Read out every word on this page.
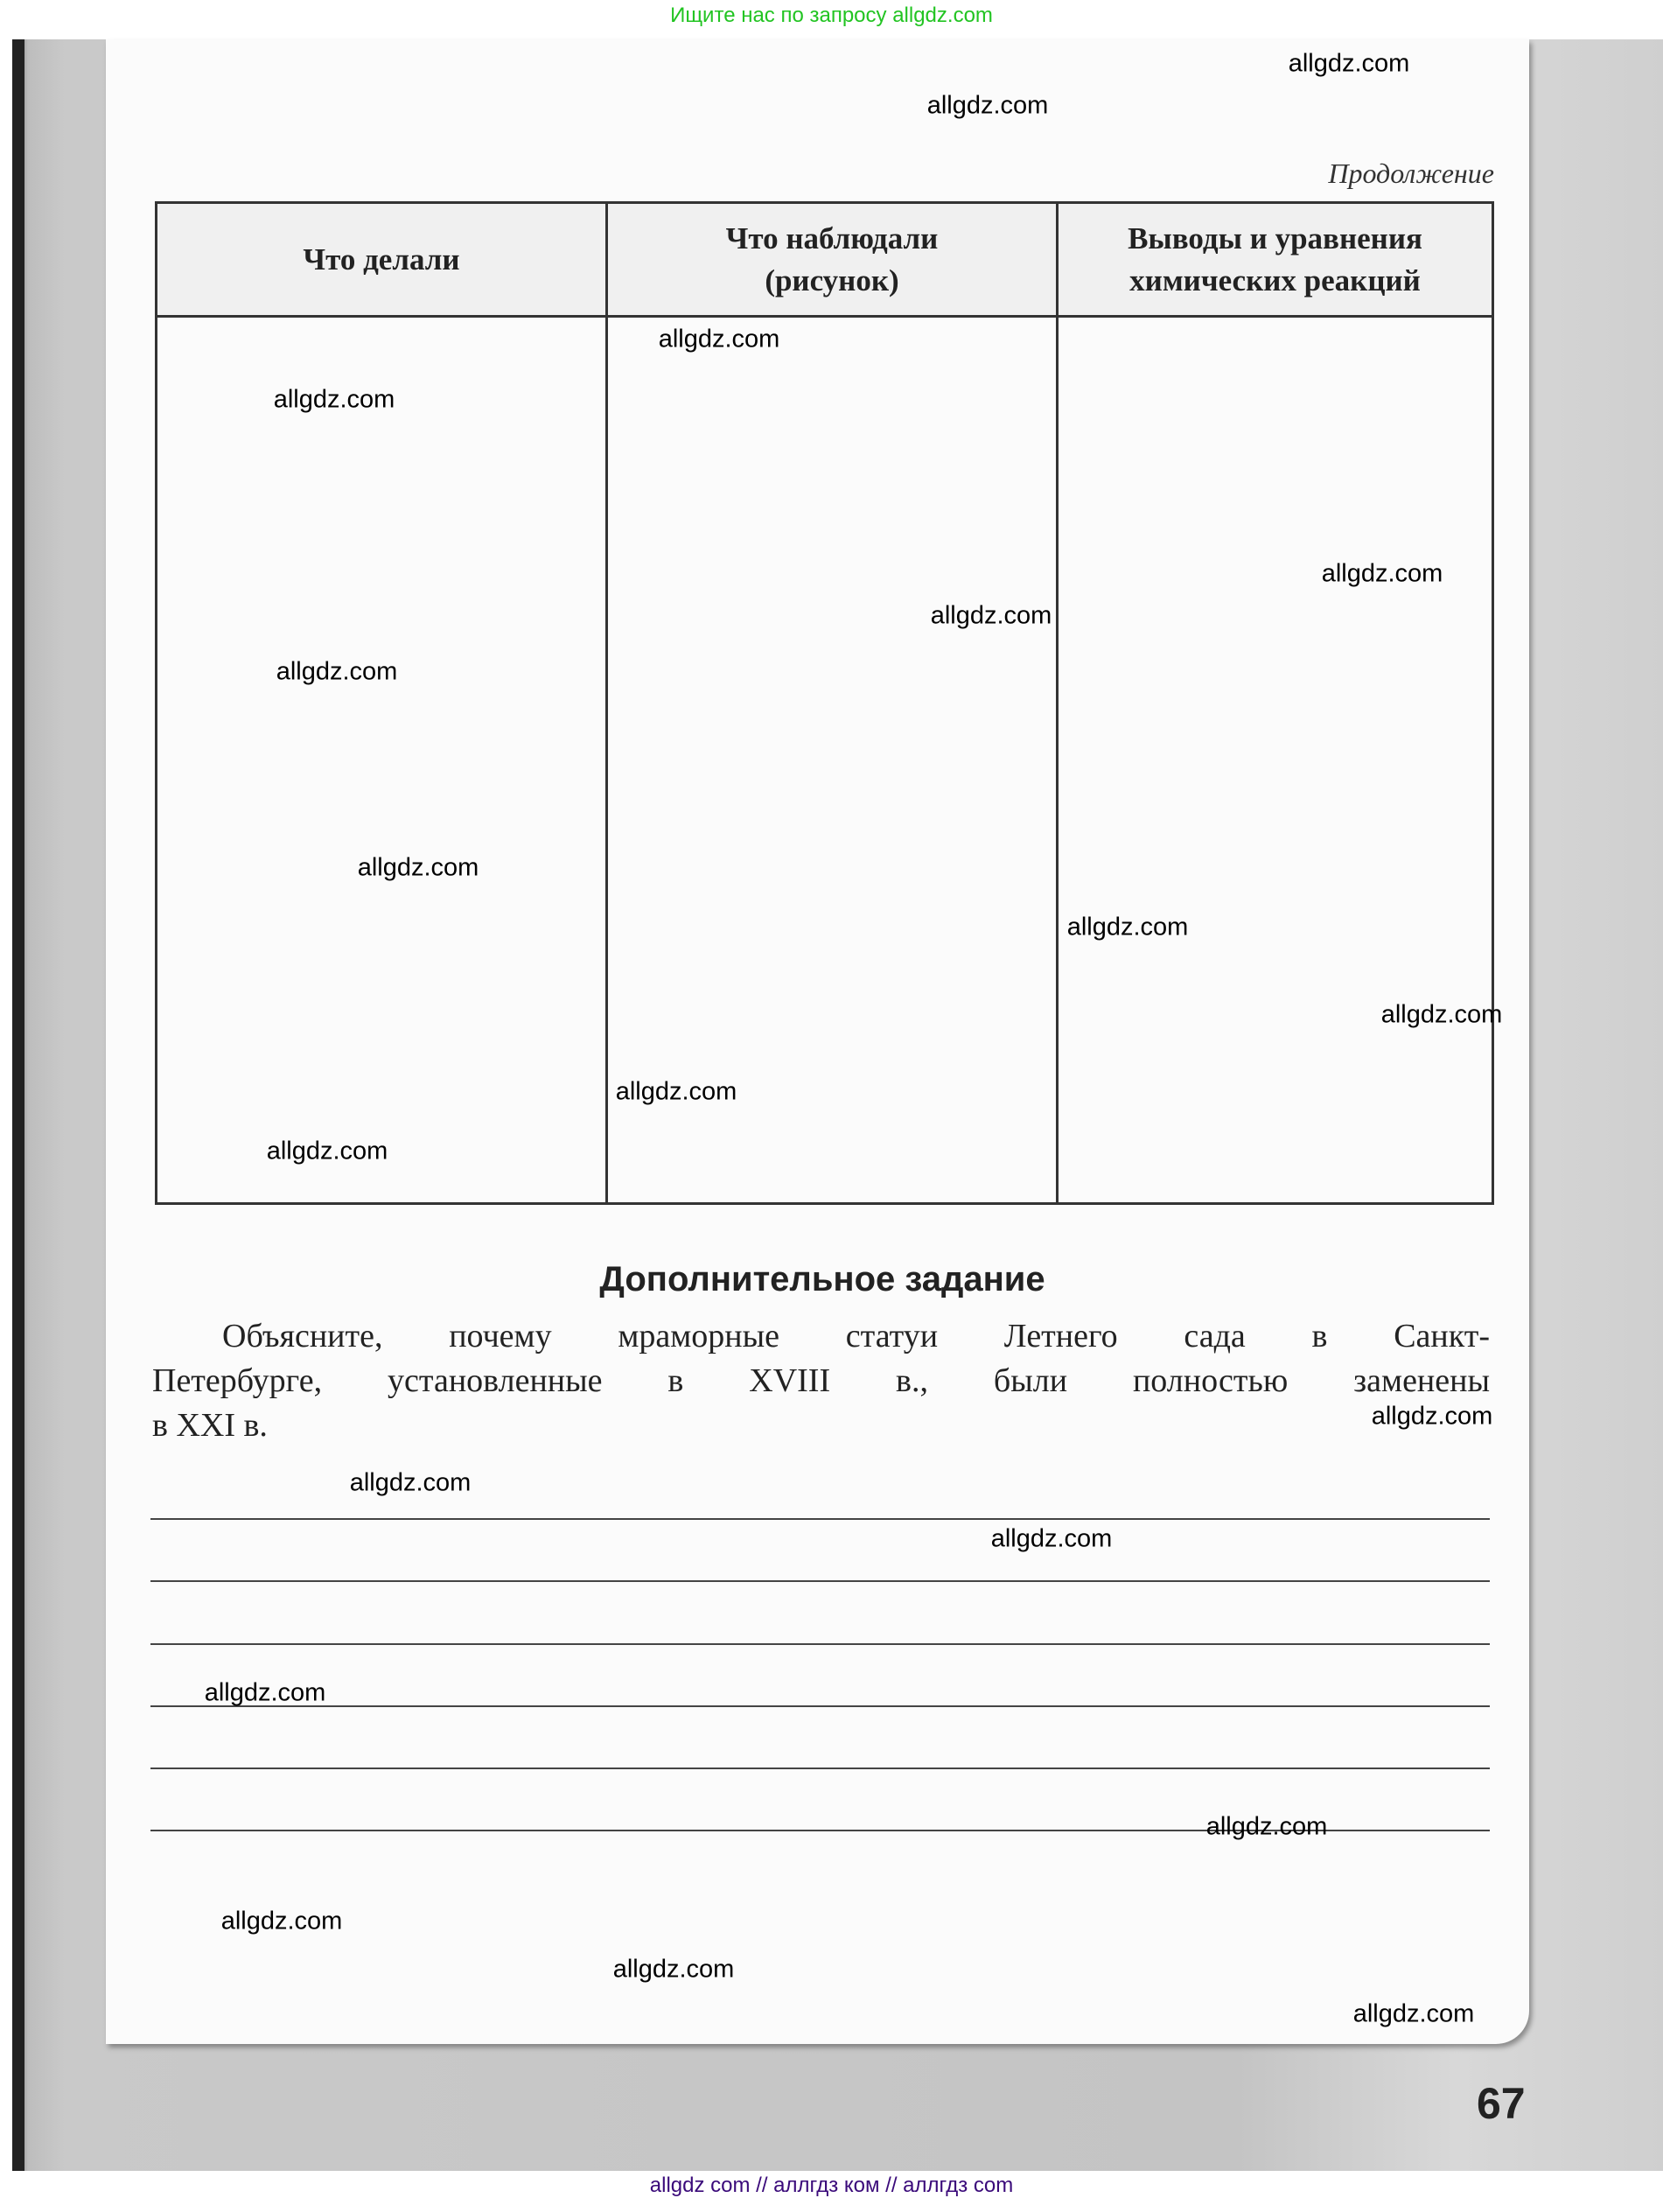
Ищите нас по запросу allgdz.com
Продолжение
Что делали	Что наблюдали (рисунок)	Выводы и уравнения химических реакций

Дополнительное задание
Объясните, почему мраморные статуи Летнего сада в Санкт-
Петербурге, установленные в XVIII в., были полностью заменены
в XXI в.
67
allgdz.com
allgdz.com
allgdz.com
allgdz.com
allgdz.com
allgdz.com
allgdz.com
allgdz.com
allgdz.com
allgdz.com
allgdz.com
allgdz.com
allgdz.com
allgdz.com
allgdz.com
allgdz.com
allgdz.com
allgdz.com
allgdz.com
allgdz.com
allgdz com // аллгдз ком // аллгдз com
